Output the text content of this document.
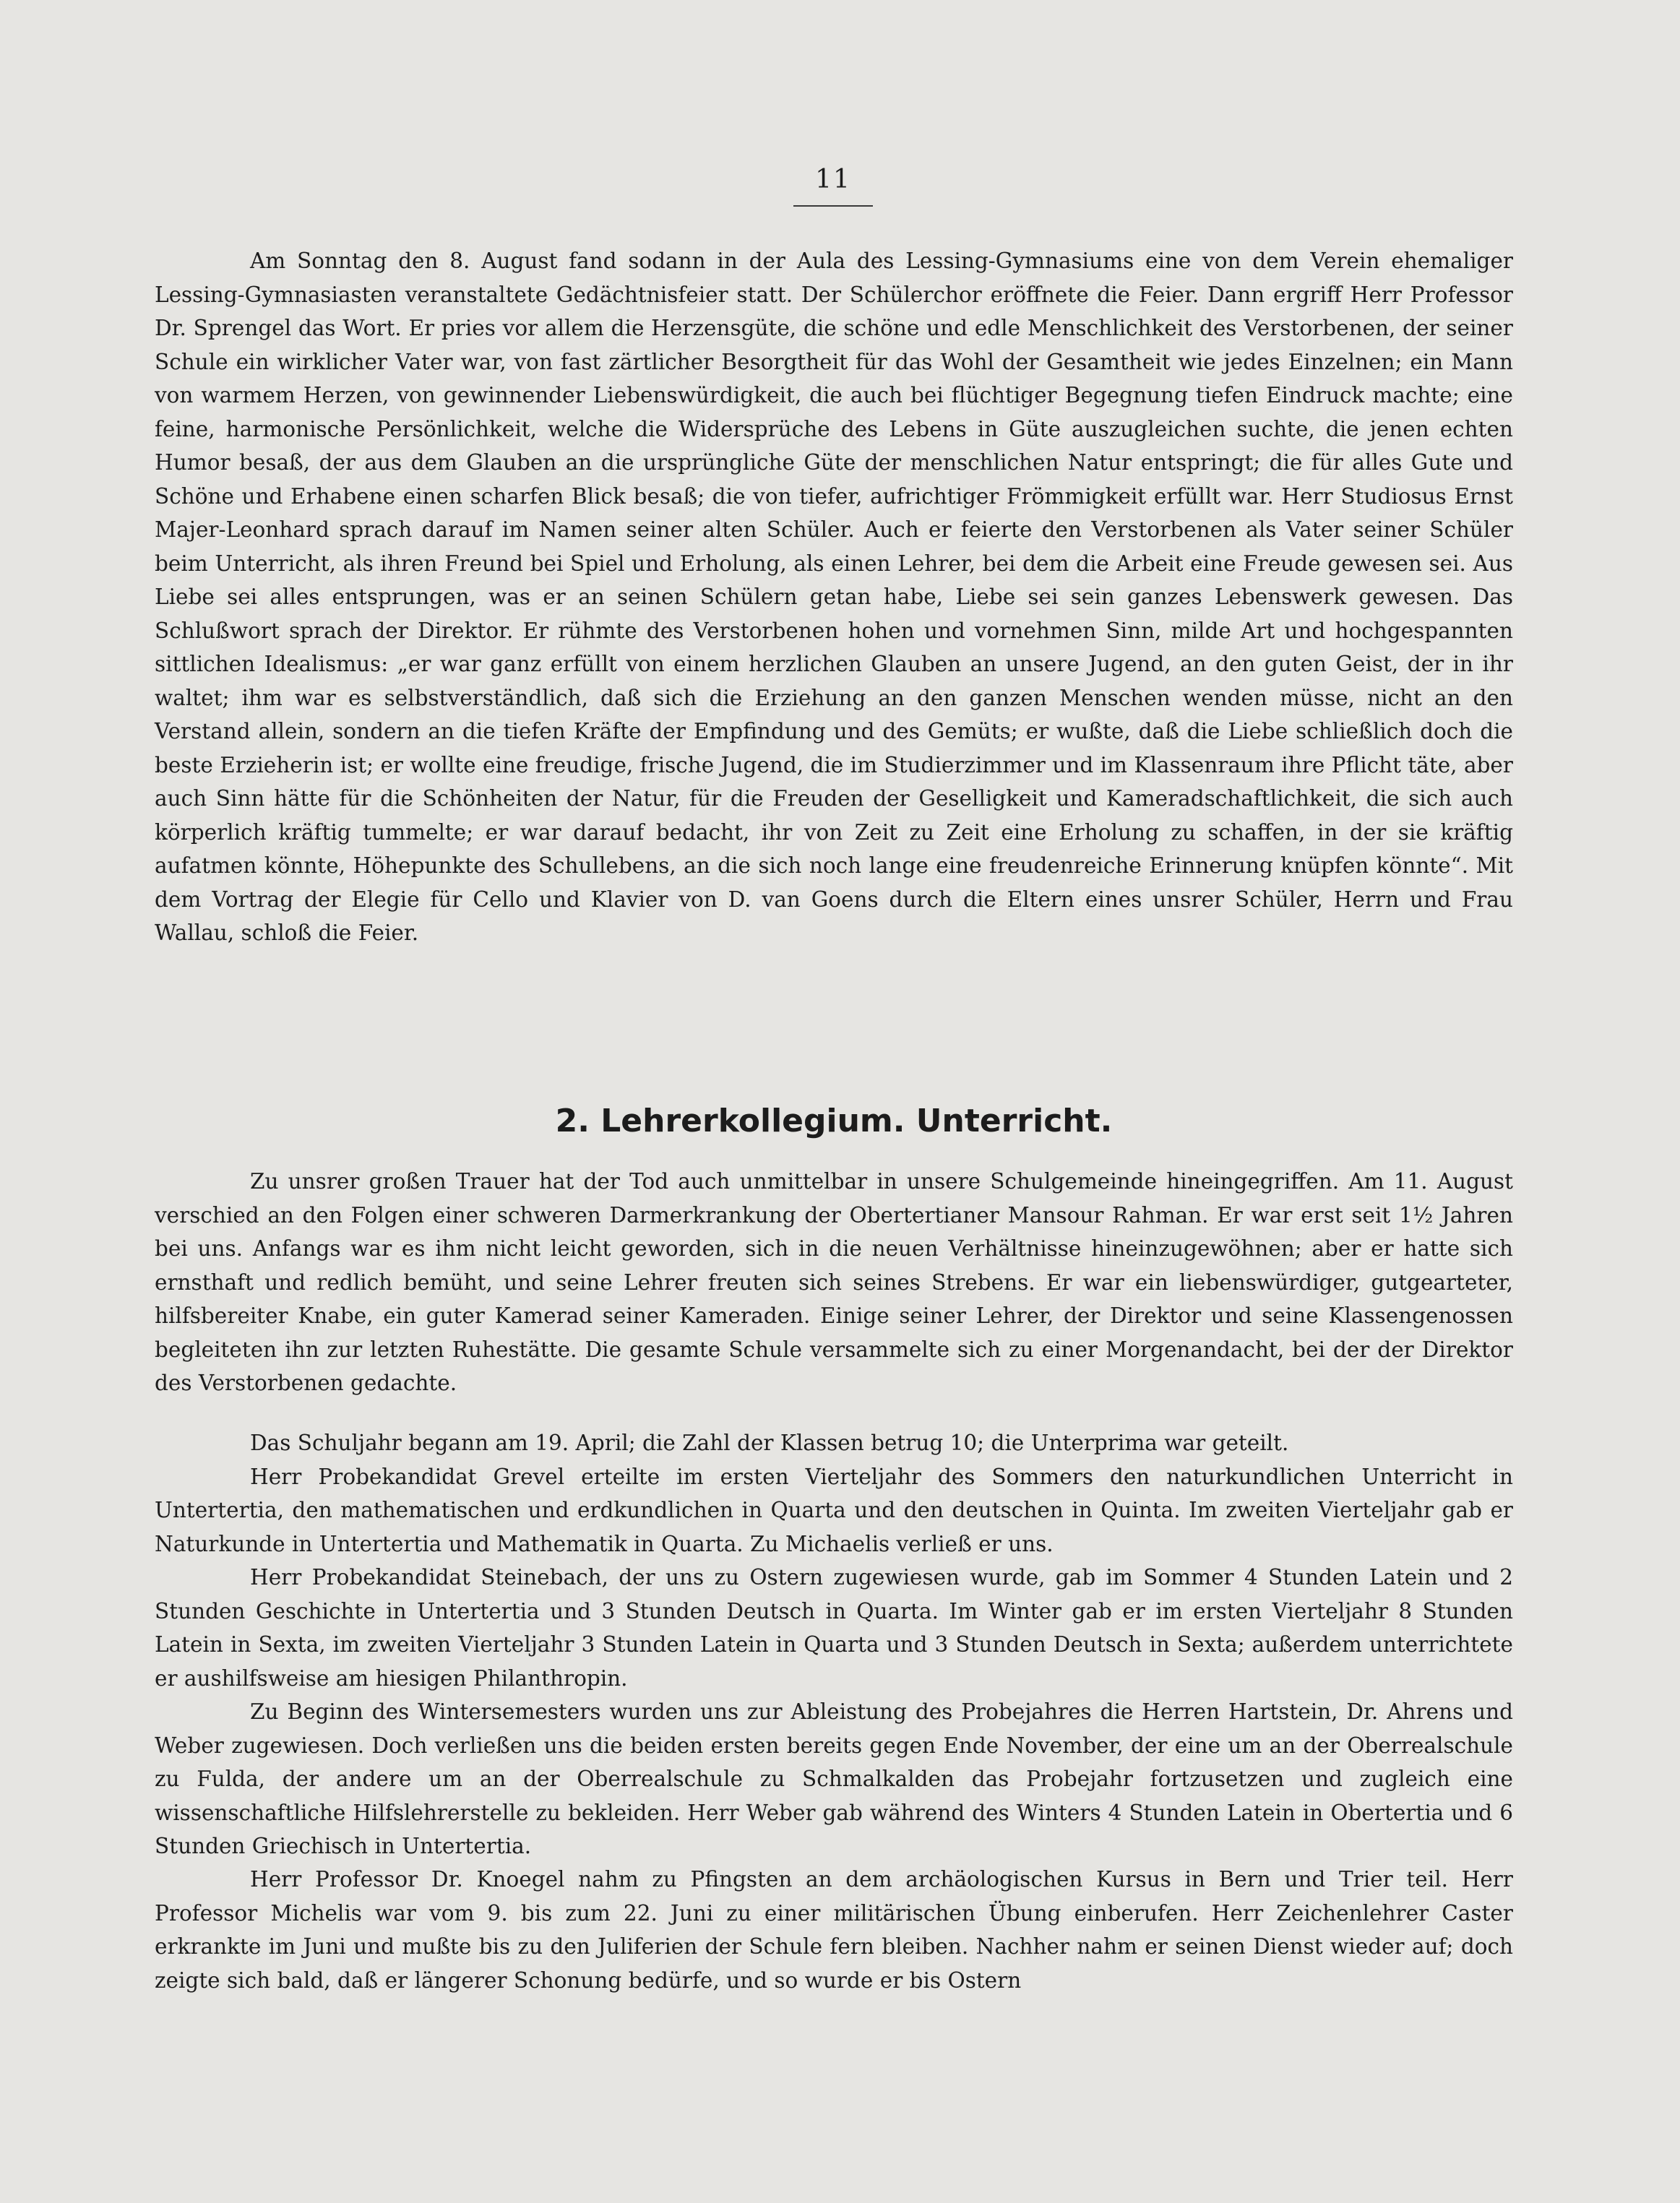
11

Am Sonntag den 8. August fand sodann in der Aula des Lessing-Gymnasiums eine von dem Verein ehemaliger Lessing-Gymnasiasten veranstaltete Gedächtnisfeier statt. Der Schülerchor eröffnete die Feier. Dann ergriff Herr Professor Dr. Sprengel das Wort. Er pries vor allem die Herzensgüte, die schöne und edle Menschlichkeit des Verstorbenen, der seiner Schule ein wirklicher Vater war, von fast zärtlicher Besorgtheit für das Wohl der Gesamtheit wie jedes Einzelnen; ein Mann von warmem Herzen, von gewinnender Liebenswürdigkeit, die auch bei flüchtiger Begegnung tiefen Eindruck machte; eine feine, harmonische Persönlichkeit, welche die Widersprüche des Lebens in Güte auszugleichen suchte, die jenen echten Humor besaß, der aus dem Glauben an die ursprüngliche Güte der menschlichen Natur entspringt; die für alles Gute und Schöne und Erhabene einen scharfen Blick besaß; die von tiefer, aufrichtiger Frömmigkeit erfüllt war. Herr Studiosus Ernst Majer-Leonhard sprach darauf im Namen seiner alten Schüler. Auch er feierte den Verstorbenen als Vater seiner Schüler beim Unterricht, als ihren Freund bei Spiel und Erholung, als einen Lehrer, bei dem die Arbeit eine Freude gewesen sei. Aus Liebe sei alles entsprungen, was er an seinen Schülern getan habe, Liebe sei sein ganzes Lebenswerk gewesen. Das Schlußwort sprach der Direktor. Er rühmte des Verstorbenen hohen und vornehmen Sinn, milde Art und hochgespannten sittlichen Idealismus: „er war ganz erfüllt von einem herzlichen Glauben an unsere Jugend, an den guten Geist, der in ihr waltet; ihm war es selbstverständlich, daß sich die Erziehung an den ganzen Menschen wenden müsse, nicht an den Verstand allein, sondern an die tiefen Kräfte der Empfindung und des Gemüts; er wußte, daß die Liebe schließlich doch die beste Erzieherin ist; er wollte eine freudige, frische Jugend, die im Studierzimmer und im Klassenraum ihre Pflicht täte, aber auch Sinn hätte für die Schönheiten der Natur, für die Freuden der Geselligkeit und Kameradschaftlichkeit, die sich auch körperlich kräftig tummelte; er war darauf bedacht, ihr von Zeit zu Zeit eine Erholung zu schaffen, in der sie kräftig aufatmen könnte, Höhepunkte des Schullebens, an die sich noch lange eine freudenreiche Erinnerung knüpfen könnte“. Mit dem Vortrag der Elegie für Cello und Klavier von D. van Goens durch die Eltern eines unsrer Schüler, Herrn und Frau Wallau, schloß die Feier.

2. Lehrerkollegium. Unterricht.

Zu unsrer großen Trauer hat der Tod auch unmittelbar in unsere Schulgemeinde hineingegriffen. Am 11. August verschied an den Folgen einer schweren Darmerkrankung der Obertertianer Mansour Rahman. Er war erst seit 1½ Jahren bei uns. Anfangs war es ihm nicht leicht geworden, sich in die neuen Verhältnisse hineinzugewöhnen; aber er hatte sich ernsthaft und redlich bemüht, und seine Lehrer freuten sich seines Strebens. Er war ein liebenswürdiger, gutgearteter, hilfsbereiter Knabe, ein guter Kamerad seiner Kameraden. Einige seiner Lehrer, der Direktor und seine Klassengenossen begleiteten ihn zur letzten Ruhestätte. Die gesamte Schule versammelte sich zu einer Morgenandacht, bei der der Direktor des Verstorbenen gedachte.

Das Schuljahr begann am 19. April; die Zahl der Klassen betrug 10; die Unterprima war geteilt.

Herr Probekandidat Grevel erteilte im ersten Vierteljahr des Sommers den naturkundlichen Unterricht in Untertertia, den mathematischen und erdkundlichen in Quarta und den deutschen in Quinta. Im zweiten Vierteljahr gab er Naturkunde in Untertertia und Mathematik in Quarta. Zu Michaelis verließ er uns.

Herr Probekandidat Steinebach, der uns zu Ostern zugewiesen wurde, gab im Sommer 4 Stunden Latein und 2 Stunden Geschichte in Untertertia und 3 Stunden Deutsch in Quarta. Im Winter gab er im ersten Vierteljahr 8 Stunden Latein in Sexta, im zweiten Vierteljahr 3 Stunden Latein in Quarta und 3 Stunden Deutsch in Sexta; außerdem unterrichtete er aushilfsweise am hiesigen Philanthropin.

Zu Beginn des Wintersemesters wurden uns zur Ableistung des Probejahres die Herren Hartstein, Dr. Ahrens und Weber zugewiesen. Doch verließen uns die beiden ersten bereits gegen Ende November, der eine um an der Oberrealschule zu Fulda, der andere um an der Oberrealschule zu Schmalkalden das Probejahr fortzusetzen und zugleich eine wissenschaftliche Hilfslehrerstelle zu bekleiden. Herr Weber gab während des Winters 4 Stunden Latein in Obertertia und 6 Stunden Griechisch in Untertertia.

Herr Professor Dr. Knoegel nahm zu Pfingsten an dem archäologischen Kursus in Bern und Trier teil. Herr Professor Michelis war vom 9. bis zum 22. Juni zu einer militärischen Übung einberufen. Herr Zeichenlehrer Caster erkrankte im Juni und mußte bis zu den Juliferien der Schule fern bleiben. Nachher nahm er seinen Dienst wieder auf; doch zeigte sich bald, daß er längerer Schonung bedürfe, und so wurde er bis Ostern
